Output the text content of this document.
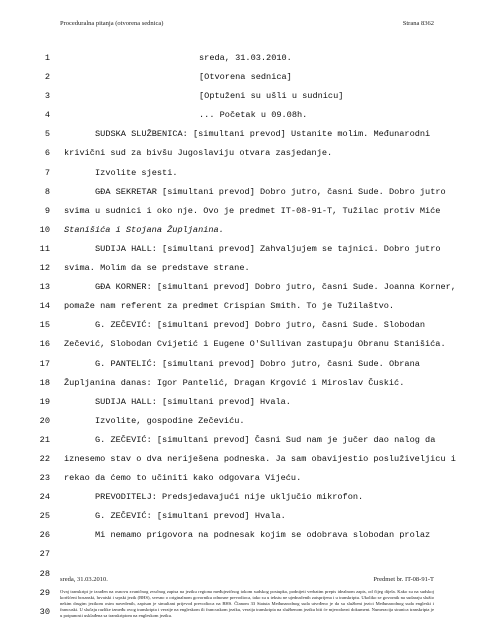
Proceduralna pitanja (otvorena sednica)	Strana 8362
1	sreda, 31.03.2010.
2	[Otvorena sednica]
3	[Optuženi su ušli u sudnicu]
4	... Početak u 09.08h.
5	SUDSKA SLUŽBENICA: [simultani prevod] Ustanite molim. Međunarodni
6 krivični sud za bivšu Jugoslaviju otvara zasjedanje.
7	Izvolite sjesti.
8	GĐA SEKRETAR [simultani prevod] Dobro jutro, časni Sude. Dobro jutro
9 svima u sudnici i oko nje. Ovo je predmet IT-08-91-T, Tužilac protiv Miće
10 Stanišića i Stojana Župljanina.
11	SUDIJA HALL: [simultani prevod] Zahvaljujem se tajnici. Dobro jutro
12 svima. Molim da se predstave strane.
13	GĐA KORNER: [simultani prevod] Dobro jutro, časni Sude. Joanna Korner,
14 pomaže nam referent za predmet Crispian Smith. To je Tužilaštvo.
15	G. ZEČEVIĆ: [simultani prevod] Dobro jutro, časni Sude. Slobodan
16 Zečević, Slobodan Cvijetić i Eugene O'Sullivan zastupaju Obranu Stanišića.
17	G. PANTELIĆ: [simultani prevod] Dobro jutro, časni Sude. Obrana
18 Župljanina danas: Igor Pantelić, Dragan Krgović i Miroslav Čuskić.
19	SUDIJA HALL: [simultani prevod] Hvala.
20	Izvolite, gospodine Zečeviću.
21	G. ZEČEVIĆ: [simultani prevod] Časni Sud nam je jučer dao nalog da
22 iznesemo stav o dva neriješena podneska. Ja sam obavijestio posluživeljicu i
23 rekao da ćemo to učiniti kako odgovara Vijeću.
24	PREVODITELJ: Predsjedavajući nije uključio mikrofon.
25	G. ZEČEVIĆ: [simultani prevod] Hvala.
26	Mi nemamo prigovora na podnesak kojim se odobrava slobodan prolaz
27
28
29
30
sreda, 31.03.2010.	Predmet br. IT-08-91-T
Ovaj transkript je izrađen na osnovu zvaničnog zvučnog zapisa na jeziku regiona međujezičnog tokom sudskog postupka, podnijeti verbatim prepis idealnom zapis, od čijeg dijela. Kako su na sudskoj korišćeni bosanski, hrvatski i srpski jezik (BHS), svesno o originalnom govorniku odnosne prevodioca, tako su u tekstu ne ujednačenih zaisprijena i u transkriptu. Ukoliko se govornik na sudaraju služio nekim drugim jezikom osim navedenih, zapisan je simultani prijevod prevodioca na BHS. Članom 33 Statuta Međunarodnog suda utvrđeno je da su službeni jezici Međunarodnog suda engleski i francuski. U slučaju razlike između ovog transkripta i verzije na engleskom ili francuskom jeziku, verzija transkripta na službenom jeziku biti će mjerodavni dokument. Numeracija stranica transkripta je u potpunosti usklađena sa transkriptom na engleskom jeziku.
